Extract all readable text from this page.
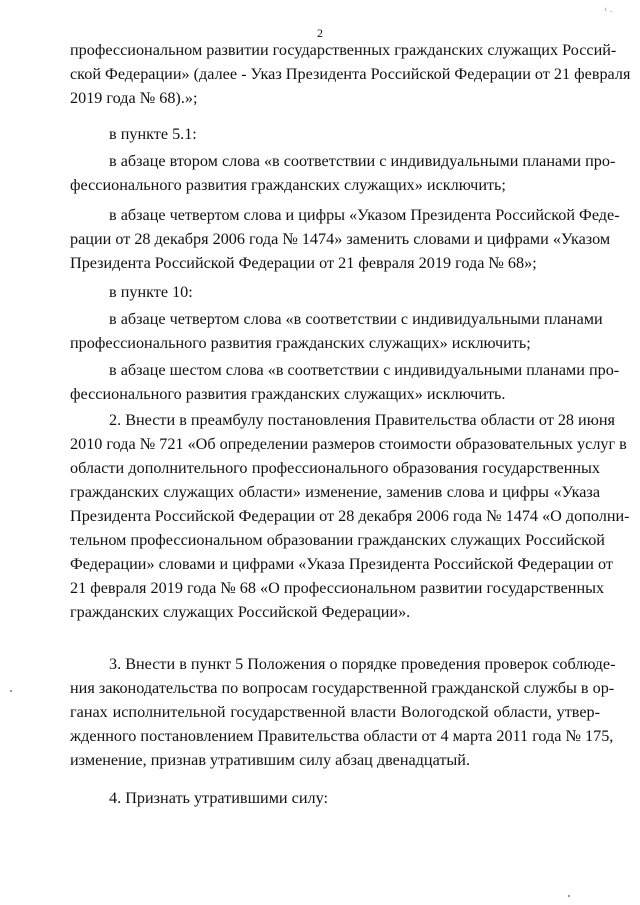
‹ .
2
профессиональном развитии государственных гражданских служащих Россий-
ской Федерации» (далее - Указ Президента Российской Федерации от 21 февраля
2019 года № 68).»;
в пункте 5.1:
в абзаце втором слова «в соответствии с индивидуальными планами про-
фессионального развития гражданских служащих» исключить;
в абзаце четвертом слова и цифры «Указом Президента Российской Феде-
рации от 28 декабря 2006 года № 1474» заменить словами и цифрами «Указом
Президента Российской Федерации от 21 февраля 2019 года № 68»;
в пункте 10:
в абзаце четвертом слова «в соответствии с индивидуальными планами
профессионального развития гражданских служащих» исключить;
в абзаце шестом слова «в соответствии с индивидуальными планами про-
фессионального развития гражданских служащих» исключить.
2. Внести в преамбулу постановления Правительства области от 28 июня
2010 года № 721 «Об определении размеров стоимости образовательных услуг в
области дополнительного профессионального образования государственных
гражданских служащих области» изменение, заменив слова и цифры «Указа
Президента Российской Федерации от 28 декабря 2006 года № 1474 «О дополни-
тельном профессиональном образовании гражданских служащих Российской
Федерации» словами и цифрами «Указа Президента Российской Федерации от
21 февраля 2019 года № 68 «О профессиональном развитии государственных
гражданских служащих Российской Федерации».
3. Внести в пункт 5 Положения о порядке проведения проверок соблюде-
ния законодательства по вопросам государственной гражданской службы в ор-
ганах исполнительной государственной власти Вологодской области, утвер-
жденного постановлением Правительства области от 4 марта 2011 года № 175,
изменение, признав утратившим силу абзац двенадцатый.
4. Признать утратившими силу:
